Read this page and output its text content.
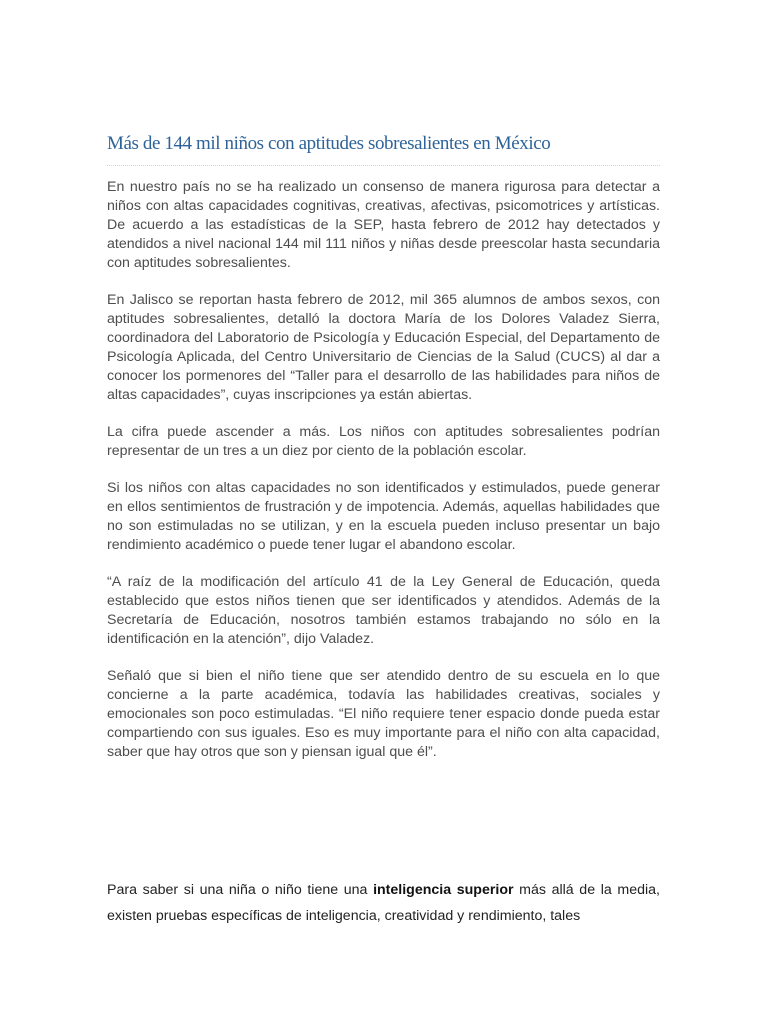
Más de 144 mil niños con aptitudes sobresalientes en México

En nuestro país no se ha realizado un consenso de manera rigurosa para detectar a niños con altas capacidades cognitivas, creativas, afectivas, psicomotrices y artísticas. De acuerdo a las estadísticas de la SEP, hasta febrero de 2012 hay detectados y atendidos a nivel nacional 144 mil 111 niños y niñas desde preescolar hasta secundaria con aptitudes sobresalientes.

En Jalisco se reportan hasta febrero de 2012, mil 365 alumnos de ambos sexos, con aptitudes sobresalientes, detalló la doctora María de los Dolores Valadez Sierra, coordinadora del Laboratorio de Psicología y Educación Especial, del Departamento de Psicología Aplicada, del Centro Universitario de Ciencias de la Salud (CUCS) al dar a conocer los pormenores del “Taller para el desarrollo de las habilidades para niños de altas capacidades”, cuyas inscripciones ya están abiertas.

La cifra puede ascender a más. Los niños con aptitudes sobresalientes podrían representar de un tres a un diez por ciento de la población escolar.

Si los niños con altas capacidades no son identificados y estimulados, puede generar en ellos sentimientos de frustración y de impotencia. Además, aquellas habilidades que no son estimuladas no se utilizan, y en la escuela pueden incluso presentar un bajo rendimiento académico o puede tener lugar el abandono escolar.

“A raíz de la modificación del artículo 41 de la Ley General de Educación, queda establecido que estos niños tienen que ser identificados y atendidos. Además de la Secretaría de Educación, nosotros también estamos trabajando no sólo en la identificación en la atención”, dijo Valadez.

Señaló que si bien el niño tiene que ser atendido dentro de su escuela en lo que concierne a la parte académica, todavía las habilidades creativas, sociales y emocionales son poco estimuladas. “El niño requiere tener espacio donde pueda estar compartiendo con sus iguales. Eso es muy importante para el niño con alta capacidad, saber que hay otros que son y piensan igual que él”.

Para saber si una niña o niño tiene una inteligencia superior más allá de la media, existen pruebas específicas de inteligencia, creatividad y rendimiento, tales
